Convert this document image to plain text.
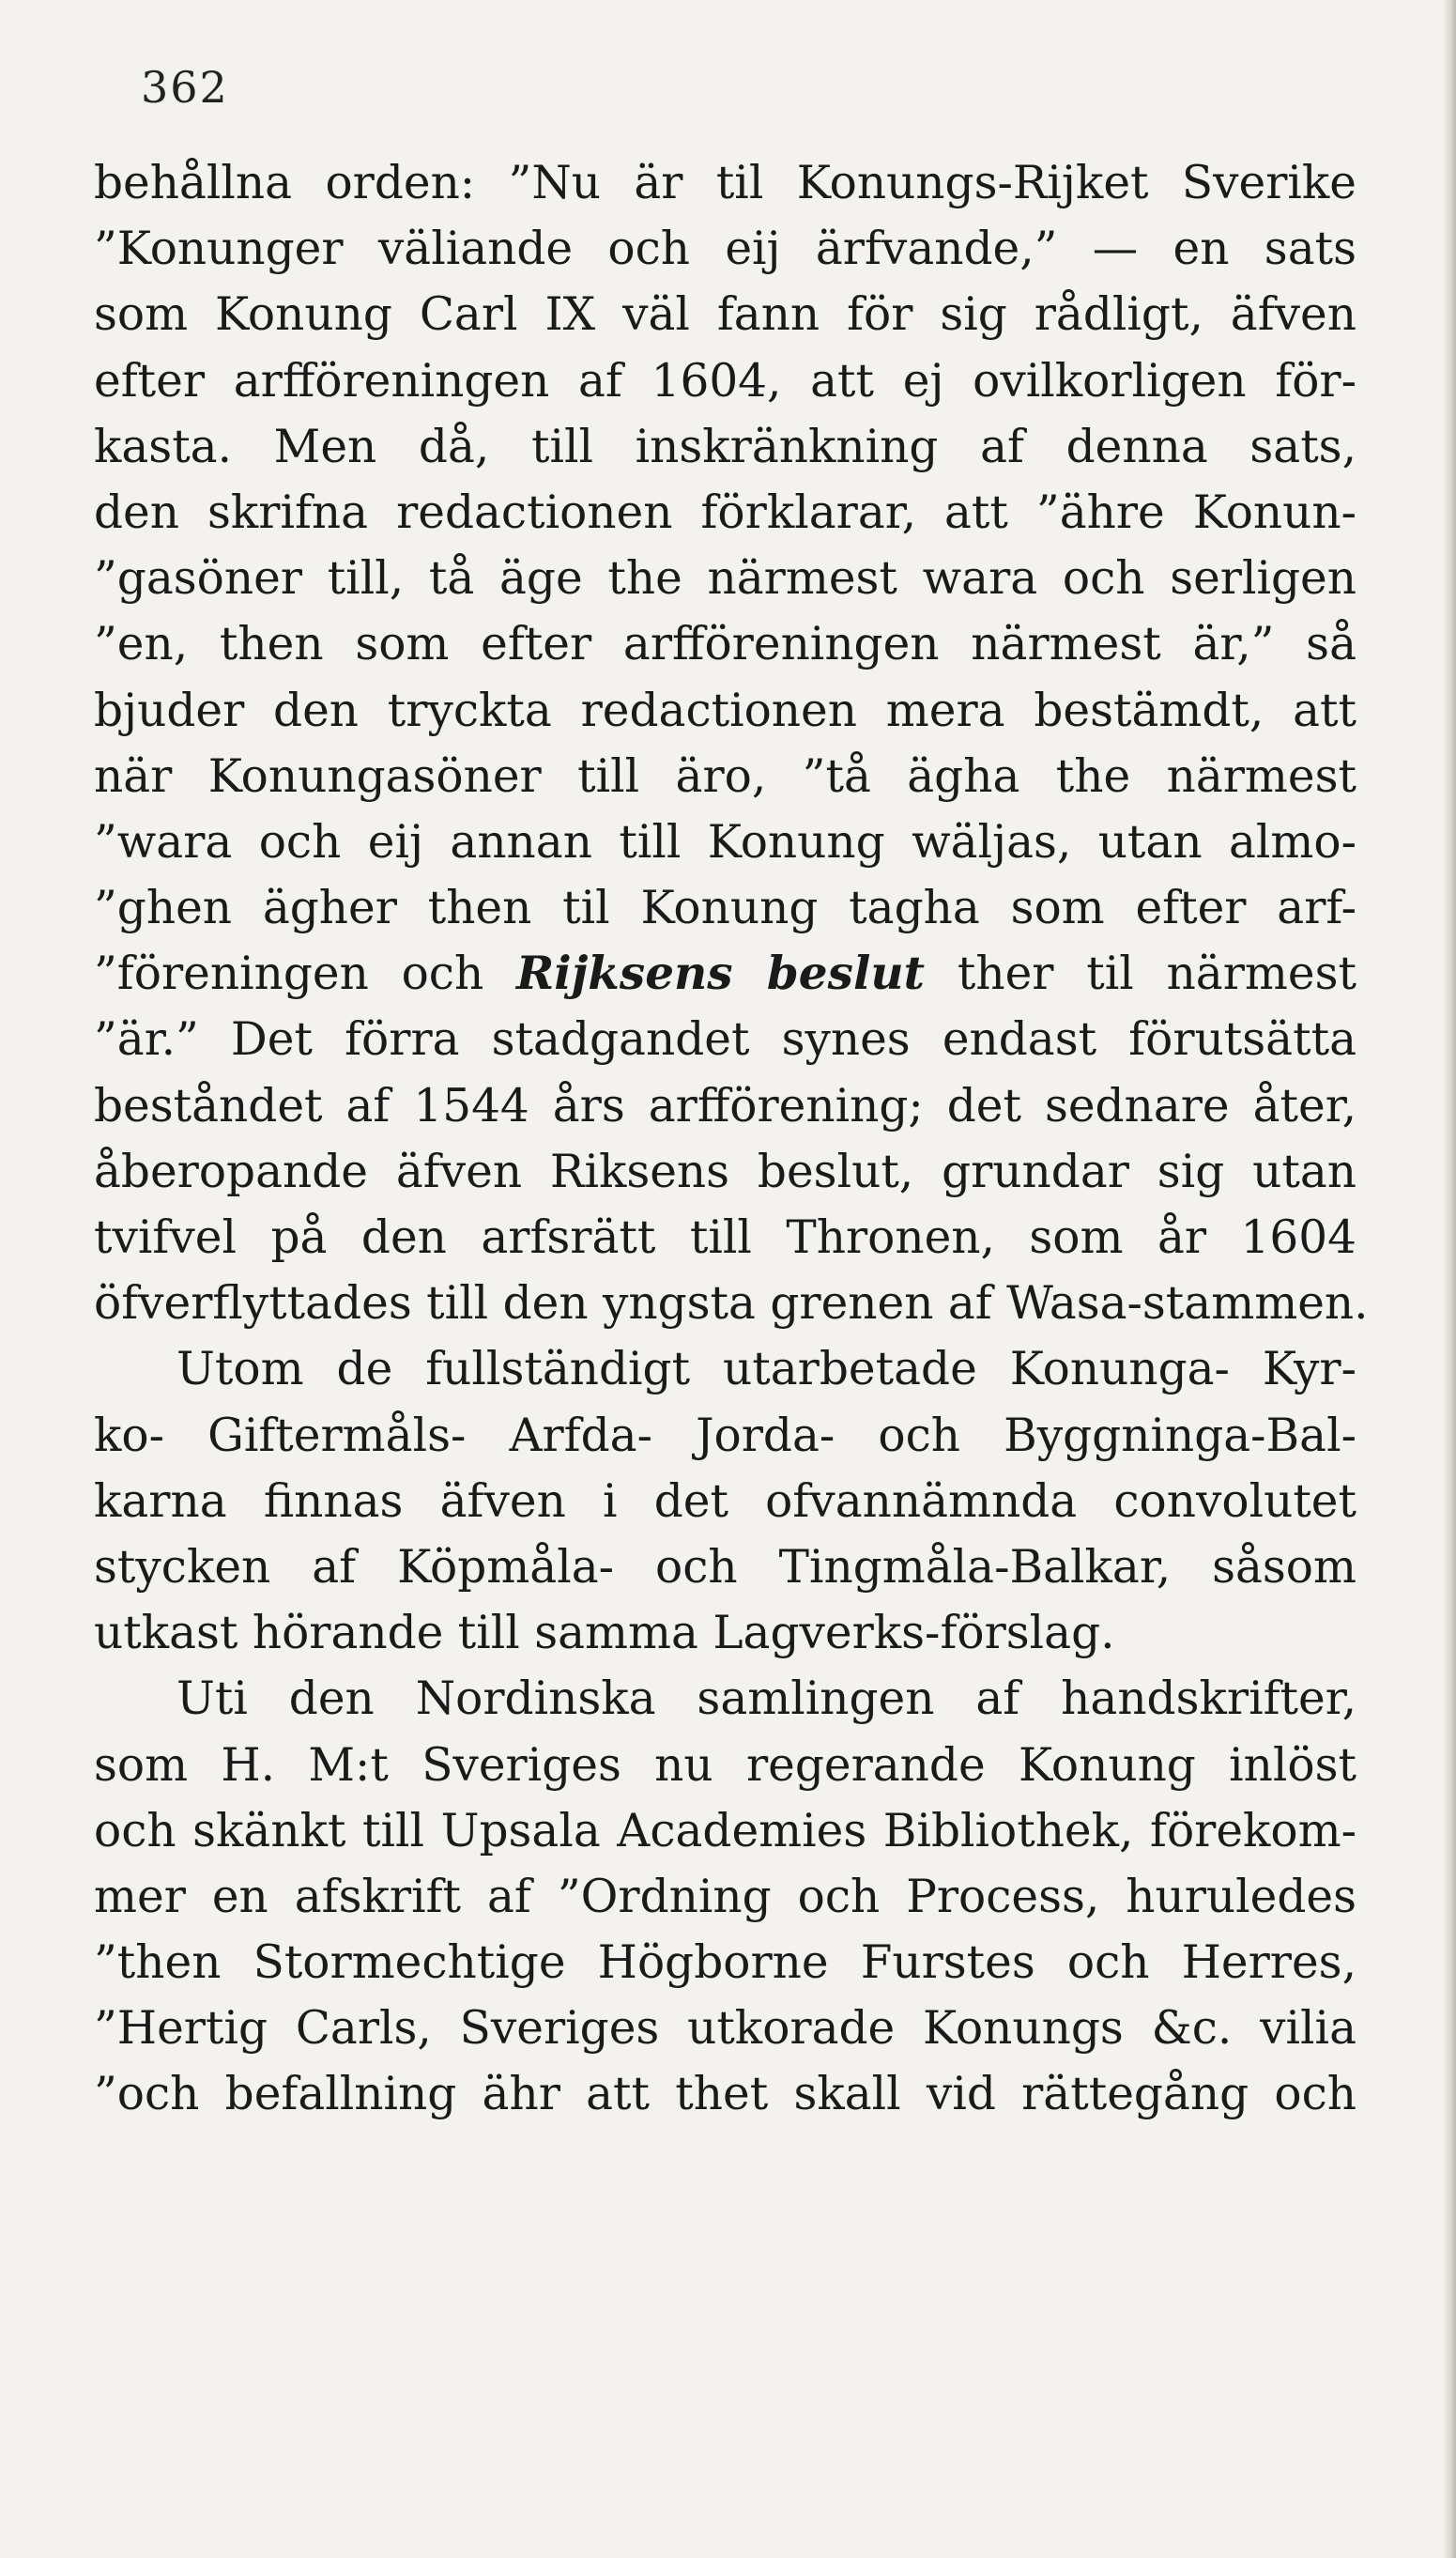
362
behållna orden: ”Nu är til Konungs-Rijket Sverike
”Konunger väliande och eij ärfvande,” — en sats
som Konung Carl IX väl fann för sig rådligt, äfven
efter arfföreningen af 1604, att ej ovilkorligen för-
kasta. Men då, till inskränkning af denna sats,
den skrifna redactionen förklarar, att ”ähre Konun-
”gasöner till, tå äge the närmest wara och serligen
”en, then som efter arfföreningen närmest är,” så
bjuder den tryckta redactionen mera bestämdt, att
när Konungasöner till äro, ”tå ägha the närmest
”wara och eij annan till Konung wäljas, utan almo-
”ghen ägher then til Konung tagha som efter arf-
”föreningen och Rijksens beslut ther til närmest
”är.” Det förra stadgandet synes endast förutsätta
beståndet af 1544 års arfförening; det sednare åter,
åberopande äfven Riksens beslut, grundar sig utan
tvifvel på den arfsrätt till Thronen, som år 1604
öfverflyttades till den yngsta grenen af Wasa-stammen.
Utom de fullständigt utarbetade Konunga- Kyr-
ko- Giftermåls- Arfda- Jorda- och Byggninga-Bal-
karna finnas äfven i det ofvannämnda convolutet
stycken af Köpmåla- och Tingmåla-Balkar, såsom
utkast hörande till samma Lagverks-förslag.
Uti den Nordinska samlingen af handskrifter,
som H. M:t Sveriges nu regerande Konung inlöst
och skänkt till Upsala Academies Bibliothek, förekom-
mer en afskrift af ”Ordning och Process, huruledes
”then Stormechtige Högborne Furstes och Herres,
”Hertig Carls, Sveriges utkorade Konungs &c. vilia
”och befallning ähr att thet skall vid rättegång och
